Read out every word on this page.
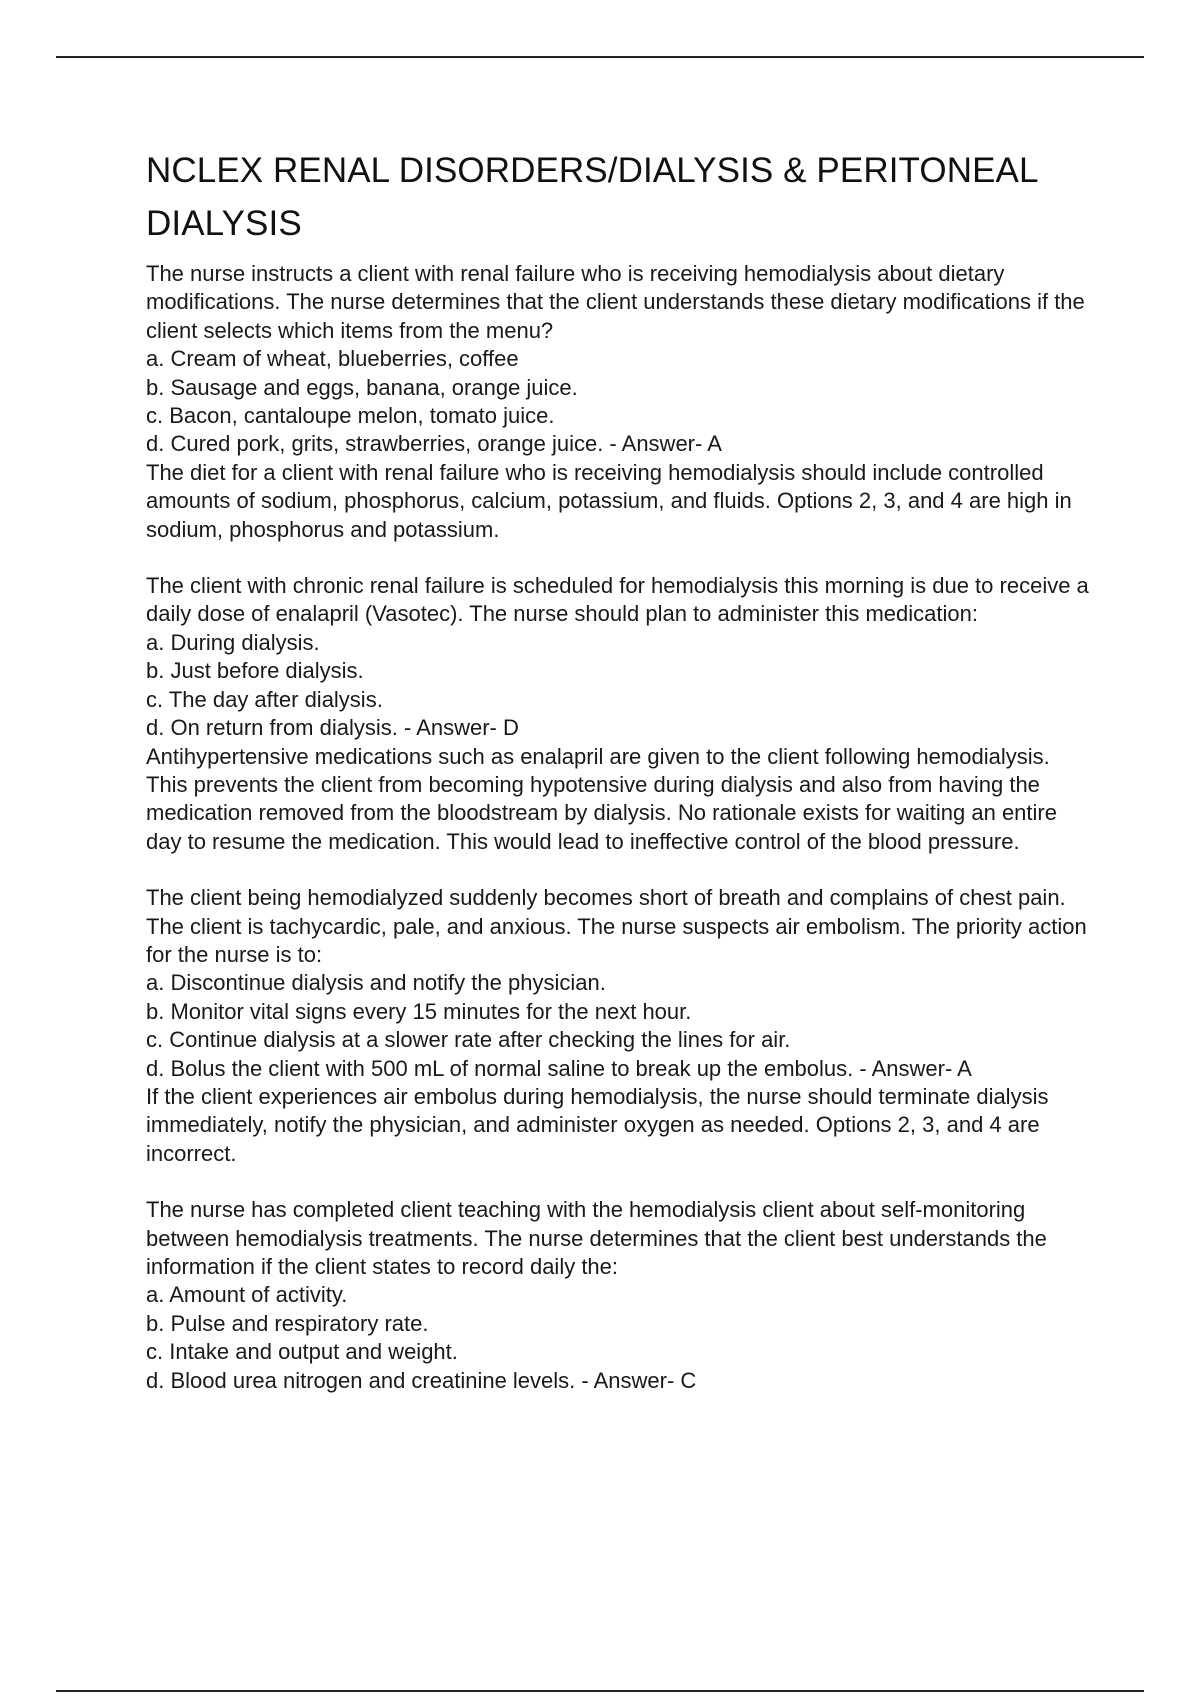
NCLEX RENAL DISORDERS/DIALYSIS & PERITONEAL DIALYSIS

The nurse instructs a client with renal failure who is receiving hemodialysis about dietary modifications. The nurse determines that the client understands these dietary modifications if the client selects which items from the menu?

a. Cream of wheat, blueberries, coffee
b. Sausage and eggs, banana, orange juice.
c. Bacon, cantaloupe melon, tomato juice.
d. Cured pork, grits, strawberries, orange juice. - Answer- A

The diet for a client with renal failure who is receiving hemodialysis should include controlled amounts of sodium, phosphorus, calcium, potassium, and fluids. Options 2, 3, and 4 are high in sodium, phosphorus and potassium.

The client with chronic renal failure is scheduled for hemodialysis this morning is due to receive a daily dose of enalapril (Vasotec). The nurse should plan to administer this medication:

a. During dialysis.
b. Just before dialysis.
c. The day after dialysis.
d. On return from dialysis. - Answer- D

Antihypertensive medications such as enalapril are given to the client following hemodialysis. This prevents the client from becoming hypotensive during dialysis and also from having the medication removed from the bloodstream by dialysis. No rationale exists for waiting an entire day to resume the medication. This would lead to ineffective control of the blood pressure.

The client being hemodialyzed suddenly becomes short of breath and complains of chest pain. The client is tachycardic, pale, and anxious. The nurse suspects air embolism. The priority action for the nurse is to:

a. Discontinue dialysis and notify the physician.
b. Monitor vital signs every 15 minutes for the next hour.
c. Continue dialysis at a slower rate after checking the lines for air.
d. Bolus the client with 500 mL of normal saline to break up the embolus. - Answer- A

If the client experiences air embolus during hemodialysis, the nurse should terminate dialysis immediately, notify the physician, and administer oxygen as needed. Options 2, 3, and 4 are incorrect.

The nurse has completed client teaching with the hemodialysis client about self-monitoring between hemodialysis treatments. The nurse determines that the client best understands the information if the client states to record daily the:

a. Amount of activity.
b. Pulse and respiratory rate.
c. Intake and output and weight.
d. Blood urea nitrogen and creatinine levels. - Answer- C
